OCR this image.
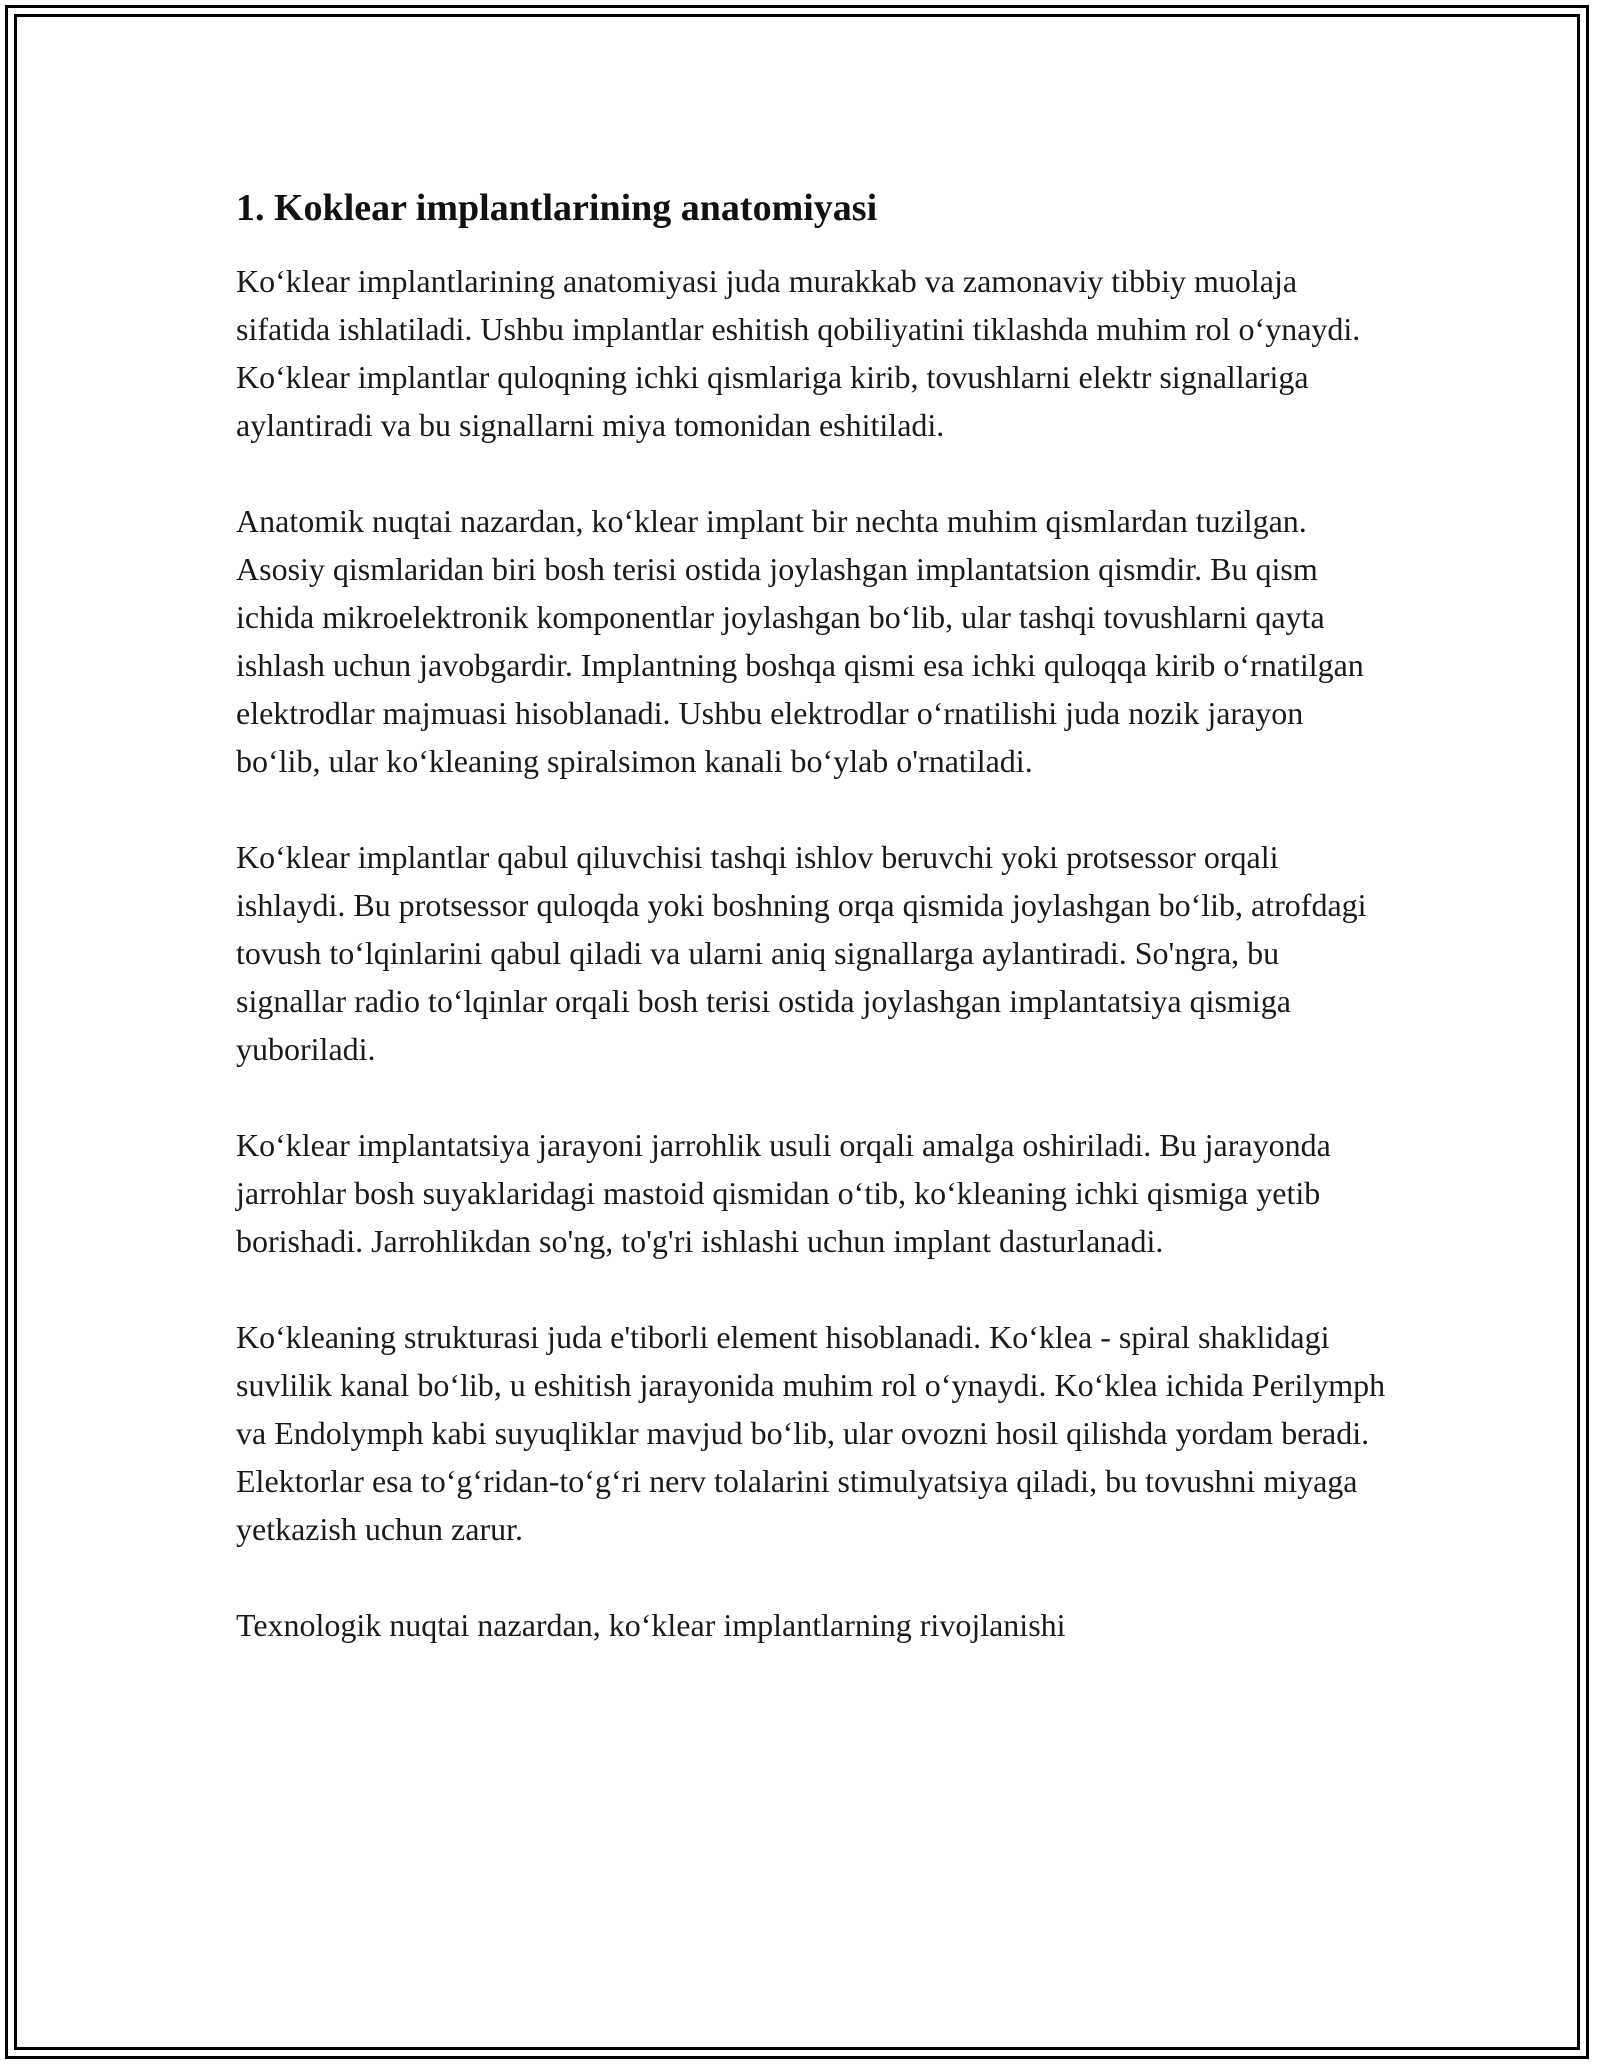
1. Koklear implantlarining anatomiyasi

Ko‘klear implantlarining anatomiyasi juda murakkab va zamonaviy tibbiy muolaja sifatida ishlatiladi. Ushbu implantlar eshitish qobiliyatini tiklashda muhim rol o‘ynaydi. Ko‘klear implantlar quloqning ichki qismlariga kirib, tovushlarni elektr signallariga aylantiradi va bu signallarni miya tomonidan eshitiladi.

Anatomik nuqtai nazardan, ko‘klear implant bir nechta muhim qismlardan tuzilgan. Asosiy qismlaridan biri bosh terisi ostida joylashgan implantatsion qismdir. Bu qism ichida mikroelektronik komponentlar joylashgan bo‘lib, ular tashqi tovushlarni qayta ishlash uchun javobgardir. Implantning boshqa qismi esa ichki quloqqa kirib o‘rnatilgan elektrodlar majmuasi hisoblanadi. Ushbu elektrodlar o‘rnatilishi juda nozik jarayon bo‘lib, ular ko‘kleaning spiralsimon kanali bo‘ylab o'rnatiladi.

Ko‘klear implantlar qabul qiluvchisi tashqi ishlov beruvchi yoki protsessor orqali ishlaydi. Bu protsessor quloqda yoki boshning orqa qismida joylashgan bo‘lib, atrofdagi tovush to‘lqinlarini qabul qiladi va ularni aniq signallarga aylantiradi. So'ngra, bu signallar radio to‘lqinlar orqali bosh terisi ostida joylashgan implantatsiya qismiga yuboriladi.

Ko‘klear implantatsiya jarayoni jarrohlik usuli orqali amalga oshiriladi. Bu jarayonda jarrohlar bosh suyaklaridagi mastoid qismidan o‘tib, ko‘kleaning ichki qismiga yetib borishadi. Jarrohlikdan so'ng, to'g'ri ishlashi uchun implant dasturlanadi.

Ko‘kleaning strukturasi juda e'tiborli element hisoblanadi. Ko‘klea - spiral shaklidagi suvlilik kanal bo‘lib, u eshitish jarayonida muhim rol o‘ynaydi. Ko‘klea ichida Perilymph va Endolymph kabi suyuqliklar mavjud bo‘lib, ular ovozni hosil qilishda yordam beradi. Elektorlar esa to‘g‘ridan-to‘g‘ri nerv tolalarini stimulyatsiya qiladi, bu tovushni miyaga yetkazish uchun zarur.

Texnologik nuqtai nazardan, ko‘klear implantlarning rivojlanishi
